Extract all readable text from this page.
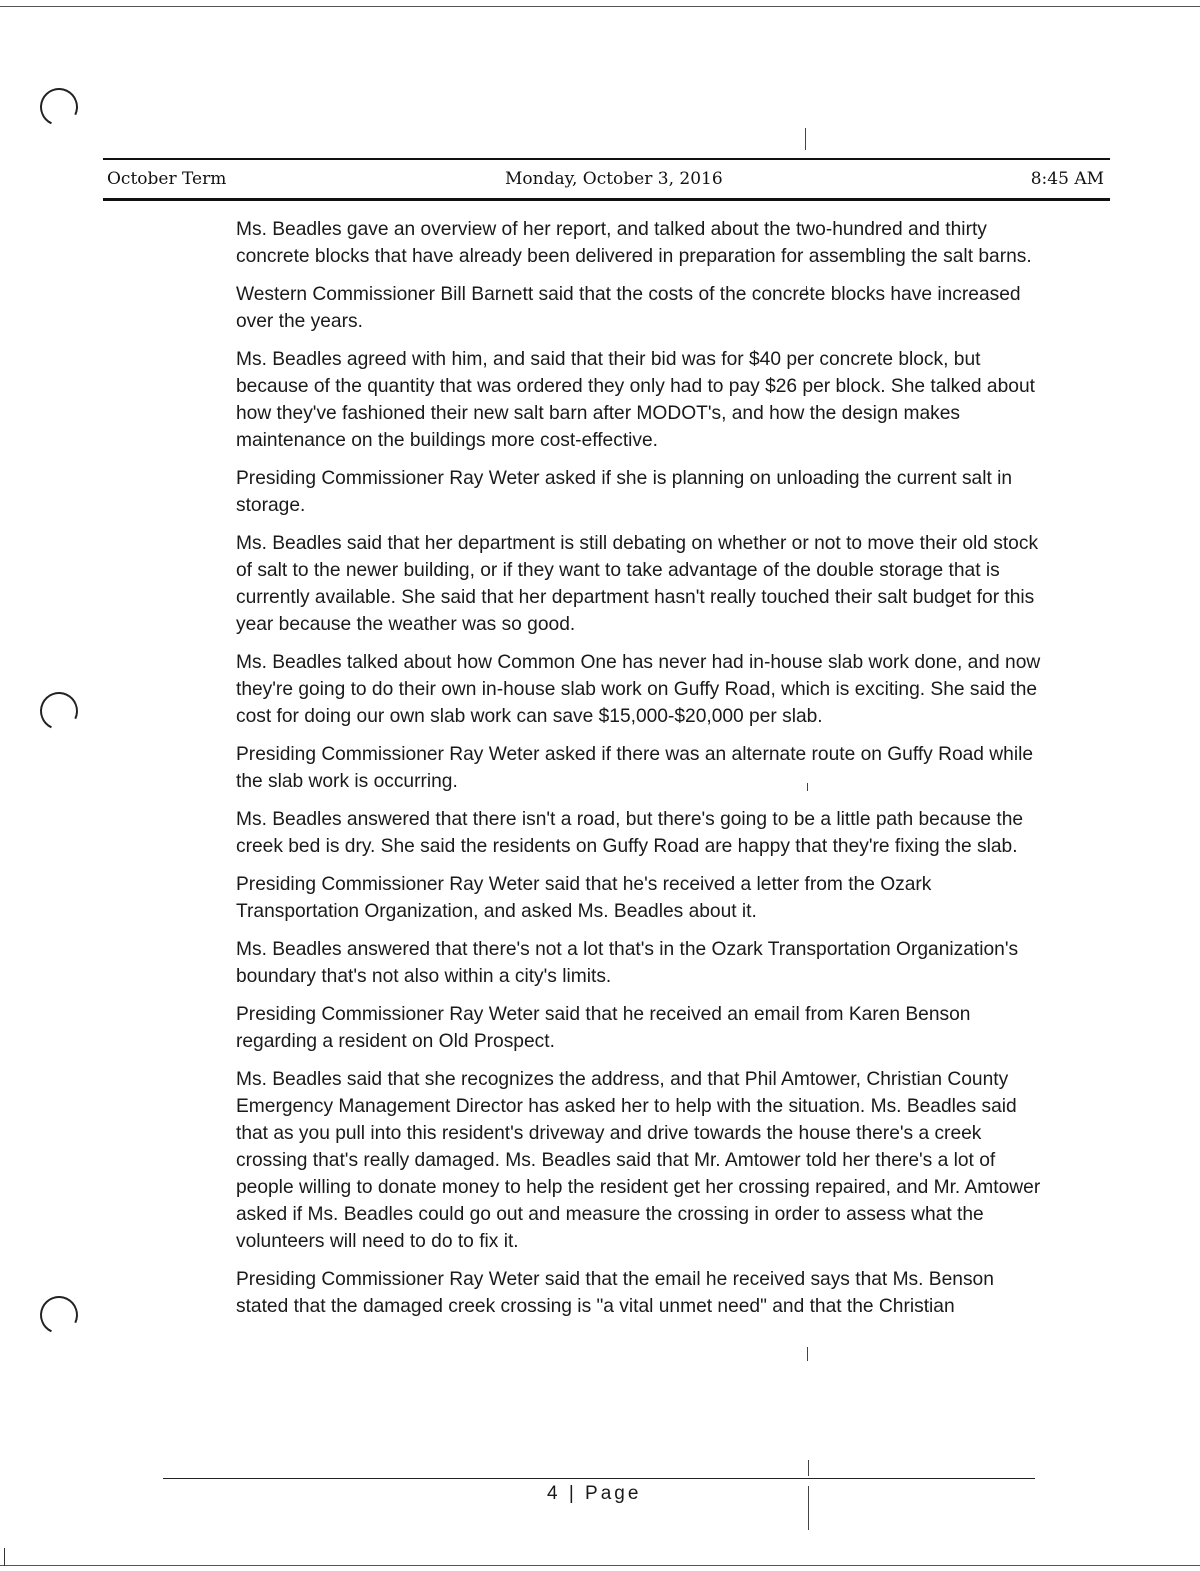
October Term	Monday, October 3, 2016	8:45 AM

Ms. Beadles gave an overview of her report, and talked about the two-hundred and thirty concrete blocks that have already been delivered in preparation for assembling the salt barns.

Western Commissioner Bill Barnett said that the costs of the concrete blocks have increased over the years.

Ms. Beadles agreed with him, and said that their bid was for $40 per concrete block, but because of the quantity that was ordered they only had to pay $26 per block. She talked about how they've fashioned their new salt barn after MODOT's, and how the design makes maintenance on the buildings more cost-effective.

Presiding Commissioner Ray Weter asked if she is planning on unloading the current salt in storage.

Ms. Beadles said that her department is still debating on whether or not to move their old stock of salt to the newer building, or if they want to take advantage of the double storage that is currently available. She said that her department hasn't really touched their salt budget for this year because the weather was so good.

Ms. Beadles talked about how Common One has never had in-house slab work done, and now they're going to do their own in-house slab work on Guffy Road, which is exciting. She said the cost for doing our own slab work can save $15,000-$20,000 per slab.

Presiding Commissioner Ray Weter asked if there was an alternate route on Guffy Road while the slab work is occurring.

Ms. Beadles answered that there isn't a road, but there's going to be a little path because the creek bed is dry. She said the residents on Guffy Road are happy that they're fixing the slab.

Presiding Commissioner Ray Weter said that he's received a letter from the Ozark Transportation Organization, and asked Ms. Beadles about it.

Ms. Beadles answered that there's not a lot that's in the Ozark Transportation Organization's boundary that's not also within a city's limits.

Presiding Commissioner Ray Weter said that he received an email from Karen Benson regarding a resident on Old Prospect.

Ms. Beadles said that she recognizes the address, and that Phil Amtower, Christian County Emergency Management Director has asked her to help with the situation. Ms. Beadles said that as you pull into this resident's driveway and drive towards the house there's a creek crossing that's really damaged. Ms. Beadles said that Mr. Amtower told her there's a lot of people willing to donate money to help the resident get her crossing repaired, and Mr. Amtower asked if Ms. Beadles could go out and measure the crossing in order to assess what the volunteers will need to do to fix it.

Presiding Commissioner Ray Weter said that the email he received says that Ms. Benson stated that the damaged creek crossing is "a vital unmet need" and that the Christian

4 | Page
